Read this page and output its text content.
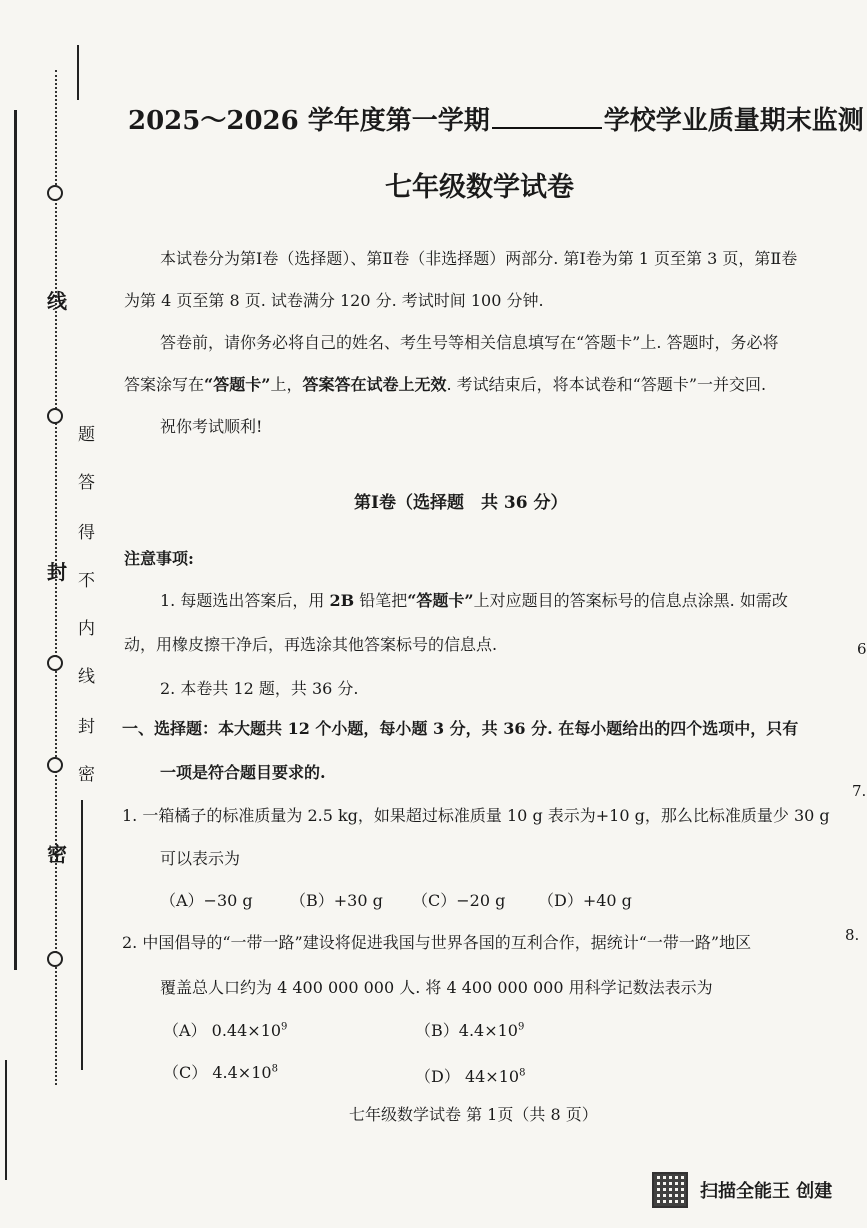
线
封
密
题
答
得
不
内
线
封
密
2025～2026 学年度第一学期	学校学业质量期末监测
七年级数学试卷
本试卷分为第Ⅰ卷（选择题）、第Ⅱ卷（非选择题）两部分. 第Ⅰ卷为第 1 页至第 3 页，第Ⅱ卷
为第 4 页至第 8 页. 试卷满分 120 分. 考试时间 100 分钟.
答卷前，请你务必将自己的姓名、考生号等相关信息填写在“答题卡”上. 答题时，务必将
答案涂写在“答题卡”上，答案答在试卷上无效. 考试结束后，将本试卷和“答题卡”一并交回.
祝你考试顺利!
第Ⅰ卷（选择题　共 36 分）
注意事项:
1. 每题选出答案后，用 2B 铅笔把“答题卡”上对应题目的答案标号的信息点涂黑. 如需改
动，用橡皮擦干净后，再选涂其他答案标号的信息点.
2. 本卷共 12 题，共 36 分.
一、选择题：本大题共 12 个小题，每小题 3 分，共 36 分. 在每小题给出的四个选项中，只有
一项是符合题目要求的.
1. 一箱橘子的标准质量为 2.5 kg，如果超过标准质量 10 g 表示为+10 g，那么比标准质量少 30 g
可以表示为
（A）−30 g （B）+30 g （C）−20 g （D）+40 g
2. 中国倡导的“一带一路”建设将促进我国与世界各国的互利合作，据统计“一带一路”地区
覆盖总人口约为 4 400 000 000 人. 将 4 400 000 000 用科学记数法表示为
（A） $0.44\times 10^9$	$(B)4.4\times 10^9$
（C） $4.4\times 10^8$	（D） $44\times 10^8$
七年级数学试卷 第 1页（共 8 页）
6
7.
8.
扫描全能王 创建
